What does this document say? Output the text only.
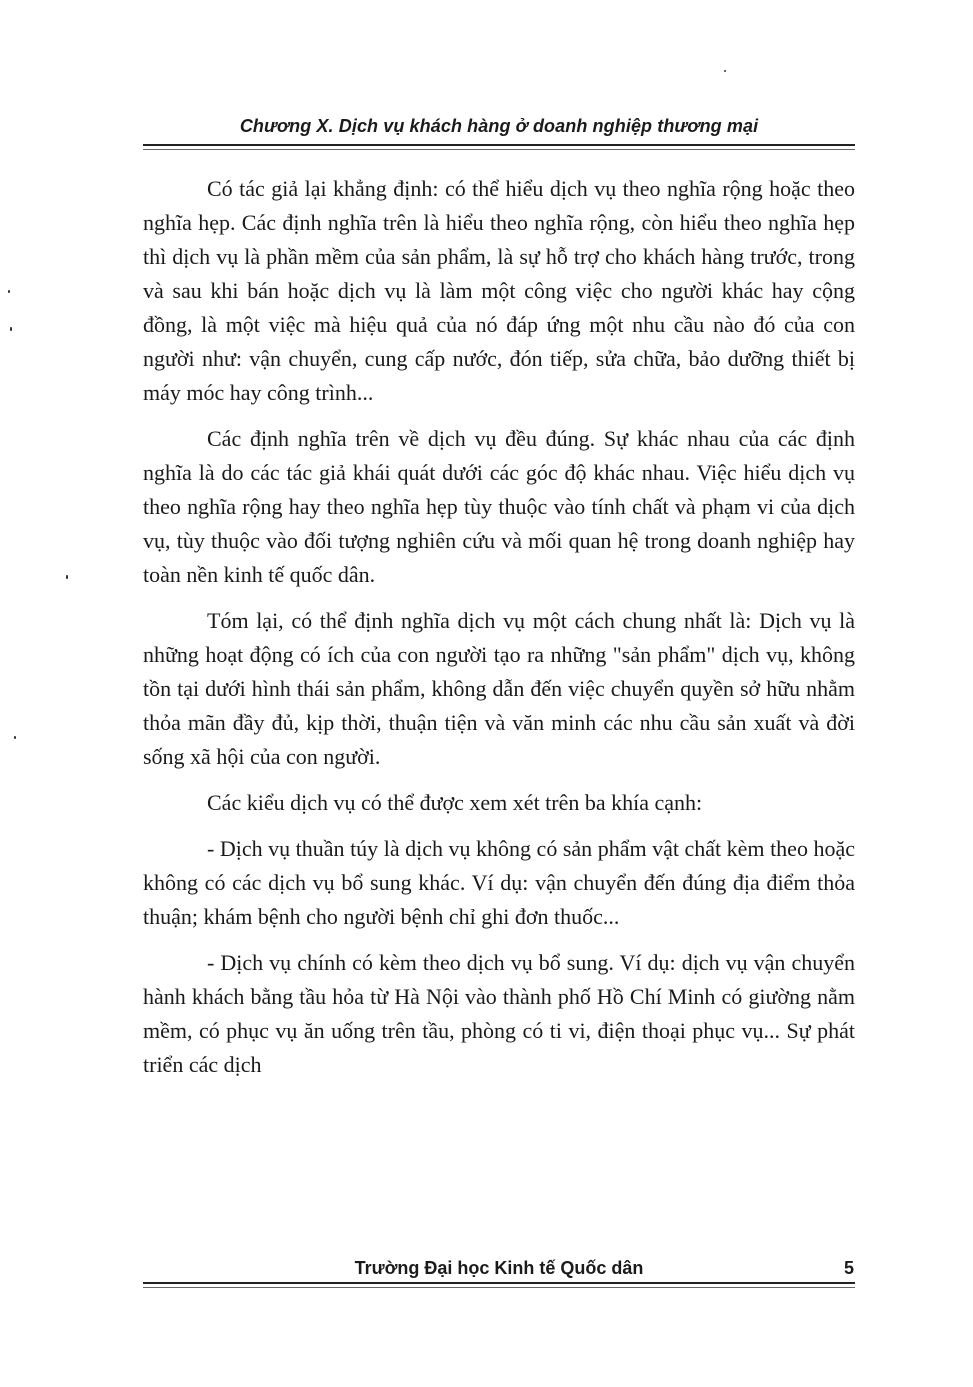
Chương X. Dịch vụ khách hàng ở doanh nghiệp thương mại

Có tác giả lại khẳng định: có thể hiểu dịch vụ theo nghĩa rộng hoặc theo nghĩa hẹp. Các định nghĩa trên là hiểu theo nghĩa rộng, còn hiểu theo nghĩa hẹp thì dịch vụ là phần mềm của sản phẩm, là sự hỗ trợ cho khách hàng trước, trong và sau khi bán hoặc dịch vụ là làm một công việc cho người khác hay cộng đồng, là một việc mà hiệu quả của nó đáp ứng một nhu cầu nào đó của con người như: vận chuyển, cung cấp nước, đón tiếp, sửa chữa, bảo dưỡng thiết bị máy móc hay công trình...

Các định nghĩa trên về dịch vụ đều đúng. Sự khác nhau của các định nghĩa là do các tác giả khái quát dưới các góc độ khác nhau. Việc hiểu dịch vụ theo nghĩa rộng hay theo nghĩa hẹp tùy thuộc vào tính chất và phạm vi của dịch vụ, tùy thuộc vào đối tượng nghiên cứu và mối quan hệ trong doanh nghiệp hay toàn nền kinh tế quốc dân.

Tóm lại, có thể định nghĩa dịch vụ một cách chung nhất là: Dịch vụ là những hoạt động có ích của con người tạo ra những "sản phẩm" dịch vụ, không tồn tại dưới hình thái sản phẩm, không dẫn đến việc chuyển quyền sở hữu nhằm thỏa mãn đầy đủ, kịp thời, thuận tiện và văn minh các nhu cầu sản xuất và đời sống xã hội của con người.

Các kiểu dịch vụ có thể được xem xét trên ba khía cạnh:

- Dịch vụ thuần túy là dịch vụ không có sản phẩm vật chất kèm theo hoặc không có các dịch vụ bổ sung khác. Ví dụ: vận chuyển đến đúng địa điểm thỏa thuận; khám bệnh cho người bệnh chỉ ghi đơn thuốc...

- Dịch vụ chính có kèm theo dịch vụ bổ sung. Ví dụ: dịch vụ vận chuyển hành khách bằng tầu hỏa từ Hà Nội vào thành phố Hồ Chí Minh có giường nằm mềm, có phục vụ ăn uống trên tầu, phòng có ti vi, điện thoại phục vụ... Sự phát triển các dịch

Trường Đại học Kinh tế Quốc dân	5
